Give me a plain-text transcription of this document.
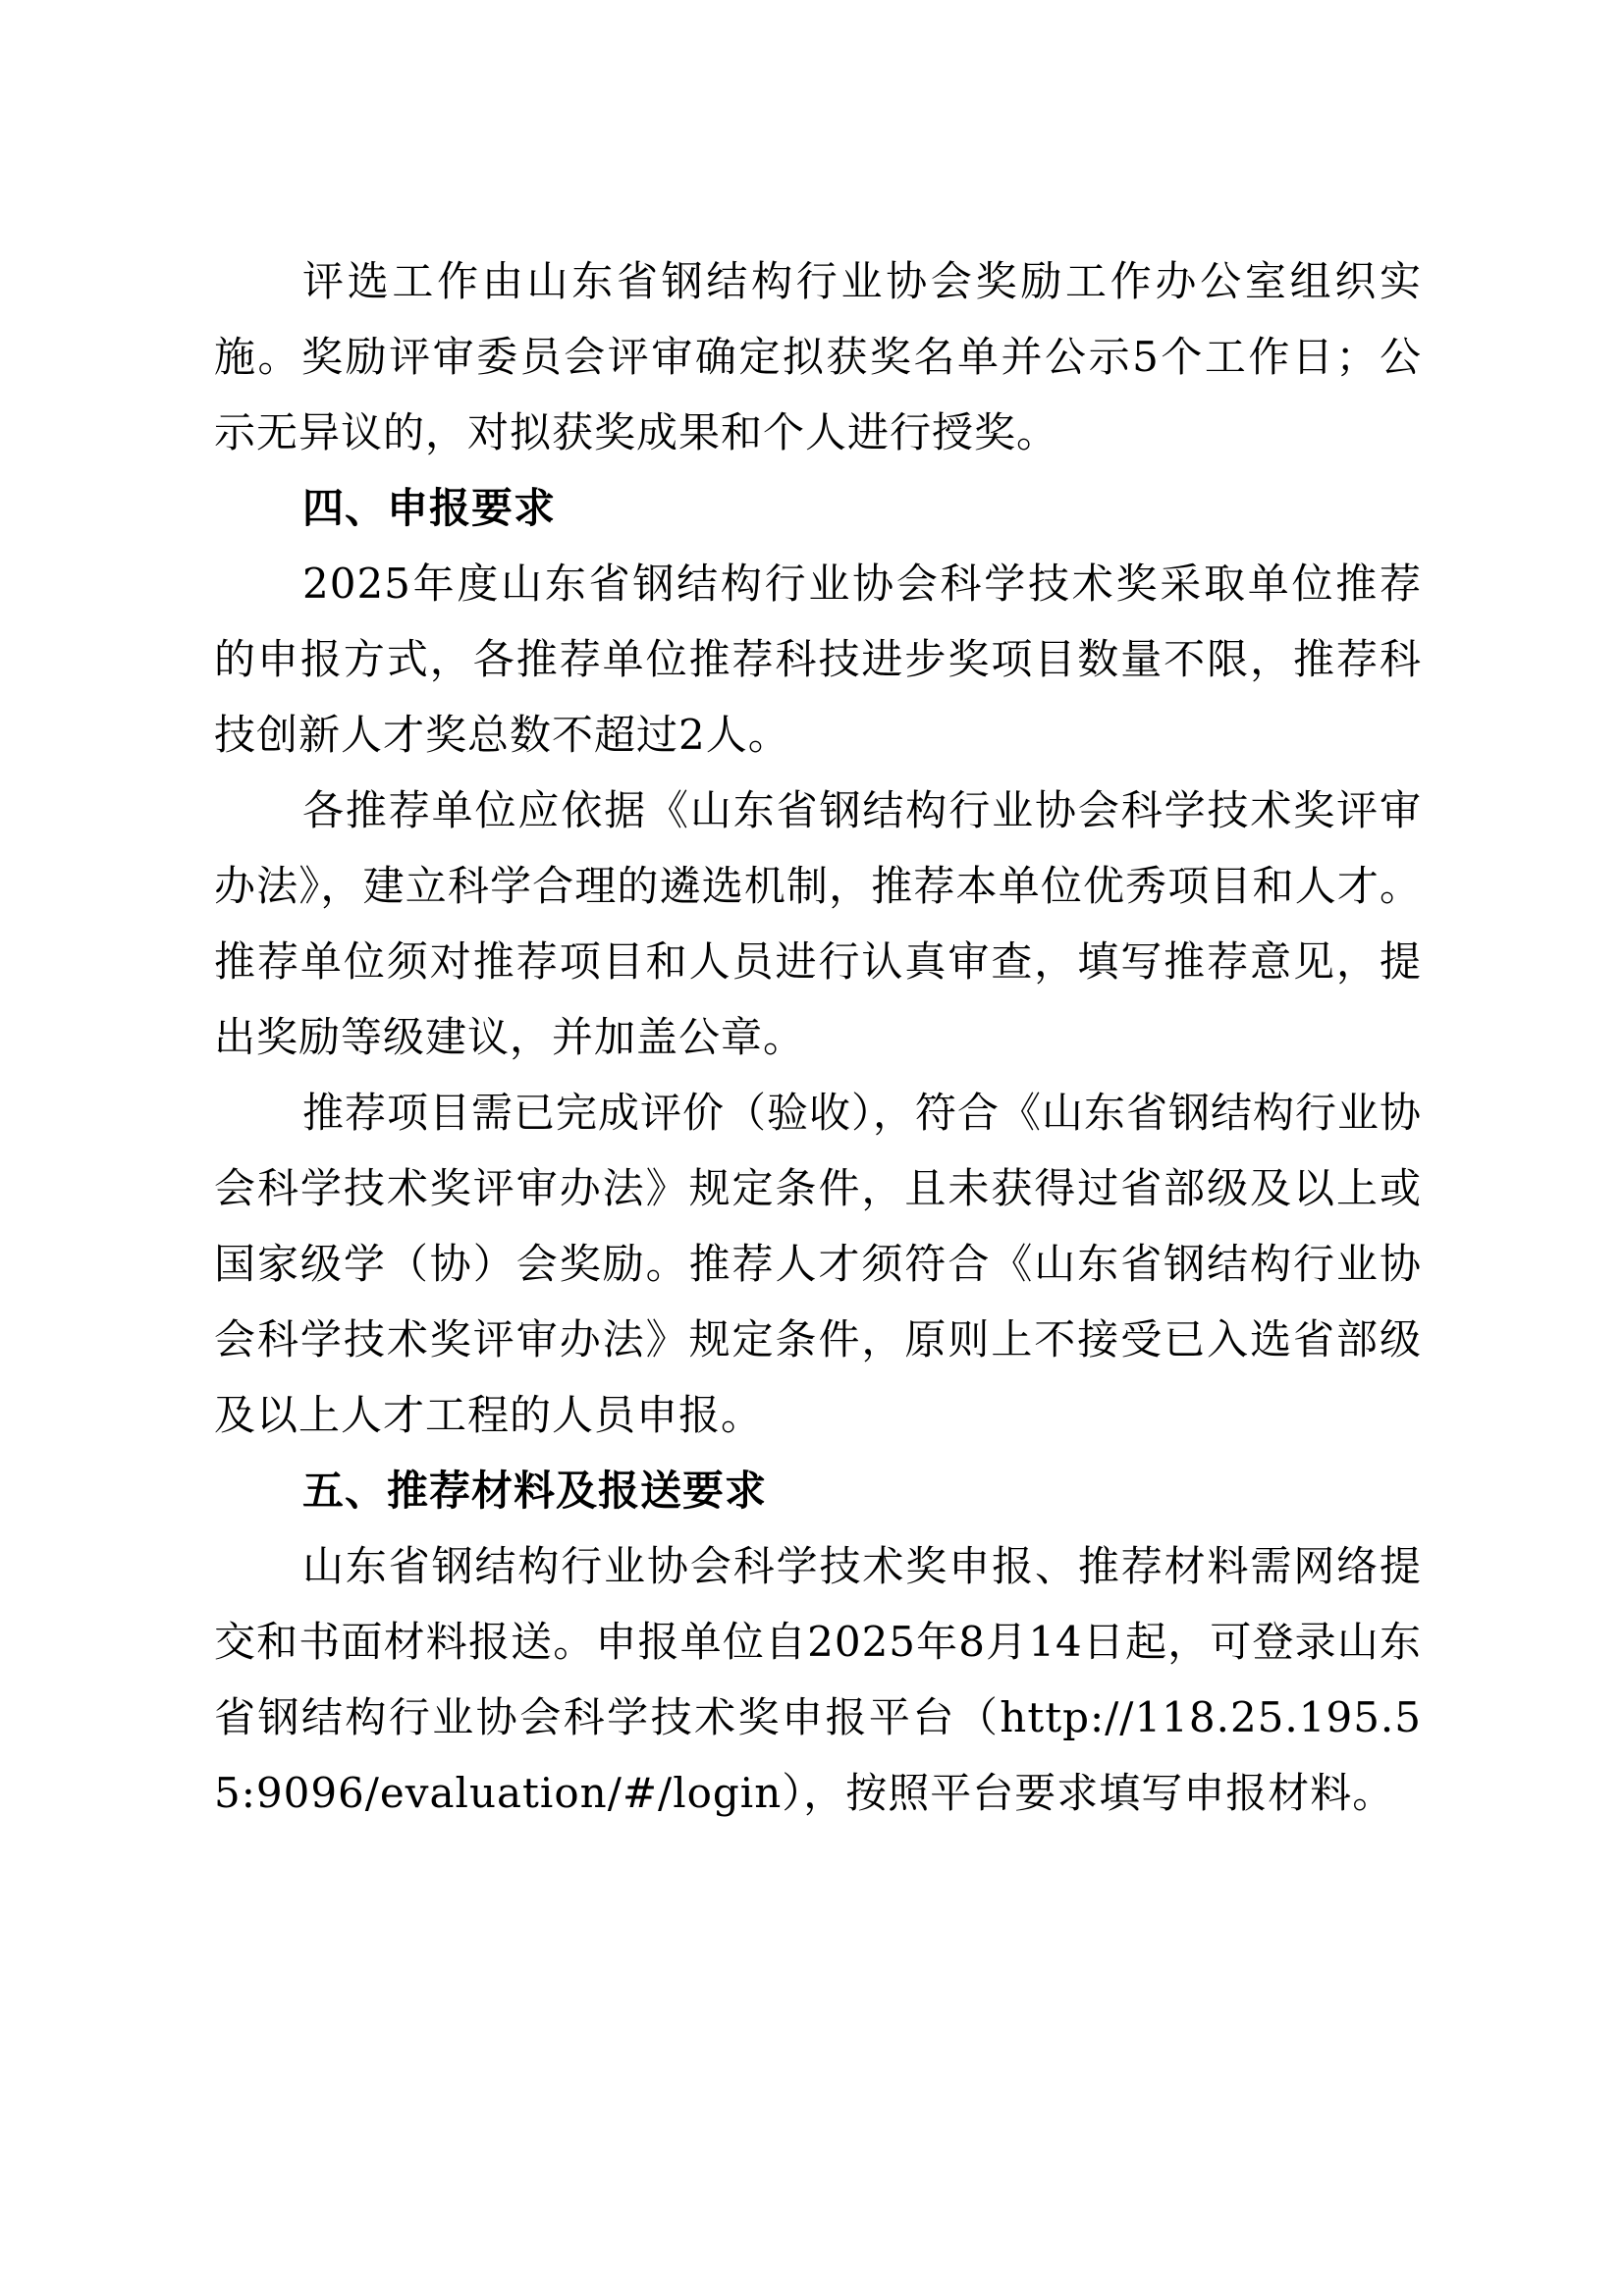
评选工作由山东省钢结构行业协会奖励工作办公室组织实施。奖励评审委员会评审确定拟获奖名单并公示5个工作日；公示无异议的，对拟获奖成果和个人进行授奖。

四、申报要求

2025年度山东省钢结构行业协会科学技术奖采取单位推荐的申报方式，各推荐单位推荐科技进步奖项目数量不限，推荐科技创新人才奖总数不超过2人。

各推荐单位应依据《山东省钢结构行业协会科学技术奖评审办法》，建立科学合理的遴选机制，推荐本单位优秀项目和人才。推荐单位须对推荐项目和人员进行认真审查，填写推荐意见，提出奖励等级建议，并加盖公章。

推荐项目需已完成评价（验收），符合《山东省钢结构行业协会科学技术奖评审办法》规定条件，且未获得过省部级及以上或国家级学（协）会奖励。推荐人才须符合《山东省钢结构行业协会科学技术奖评审办法》规定条件，原则上不接受已入选省部级及以上人才工程的人员申报。

五、推荐材料及报送要求

山东省钢结构行业协会科学技术奖申报、推荐材料需网络提交和书面材料报送。申报单位自2025年8月14日起，可登录山东省钢结构行业协会科学技术奖申报平台（http://118.25.195.55:9096/evaluation/#/login），按照平台要求填写申报材料。
